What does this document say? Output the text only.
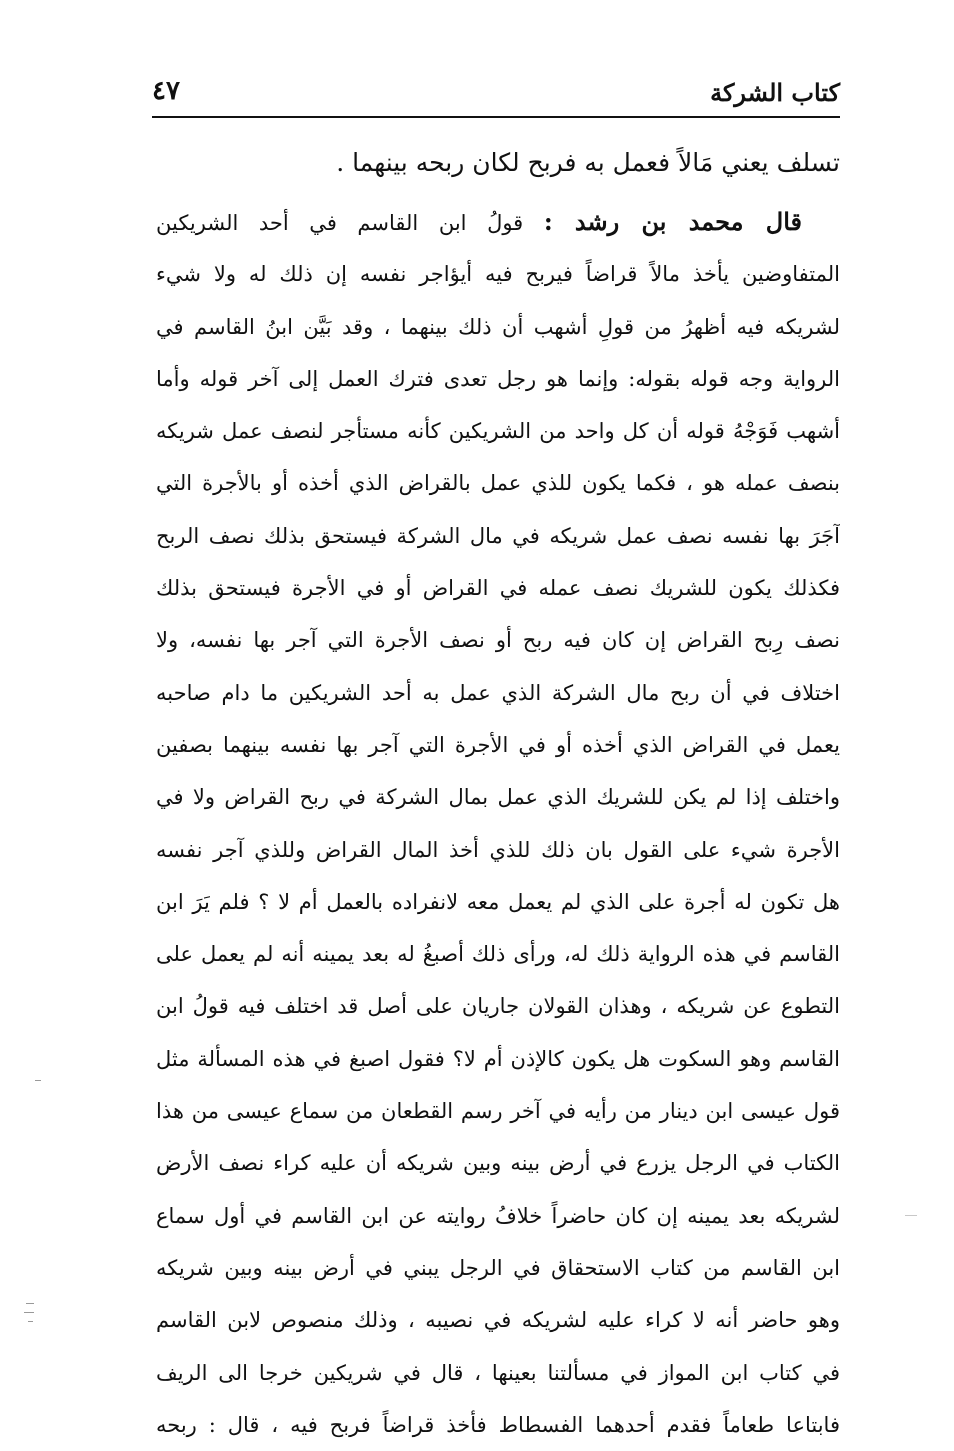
كتاب الشركة
٤٧
تسلف يعني مَالاً فعمل به فربح لكان ربحه بينهما .
قال محمد بن رشد : قولُ ابن القاسم في أحد الشريكين
المتفاوضين يأخذ مالاً قراضاً فيربح فيه أيؤاجر نفسه إن ذلك له ولا شيء
لشريكه فيه أظهرُ من قولِ أشهب أن ذلك بينهما ، وقد بَيَّن ابنُ القاسم في
الرواية وجه قوله بقوله: وإنما هو رجل تعدى فترك العمل إلى آخر قوله وأما
أشهب فَوَجْهُ قوله أن كل واحد من الشريكين كأنه مستأجر لنصف عمل شريكه
بنصف عمله هو ، فكما يكون للذي عمل بالقراض الذي أخذه أو بالأجرة التي
آجَرَ بها نفسه نصف عمل شريكه في مال الشركة فيستحق بذلك نصف الربح
فكذلك يكون للشريك نصف عمله في القراض أو في الأجرة فيستحق بذلك
نصف رِبح القراض إن كان فيه ربح أو نصف الأجرة التي آجر بها نفسه، ولا
اختلاف في أن ربح مال الشركة الذي عمل به أحد الشريكين ما دام صاحبه
يعمل في القراض الذي أخذه أو في الأجرة التي آجر بها نفسه بينهما بصفين
واختلف إذا لم يكن للشريك الذي عمل بمال الشركة في ربح القراض ولا في
الأجرة شيء على القول بان ذلك للذي أخذ المال القراض وللذي آجر نفسه
هل تكون له أجرة على الذي لم يعمل معه لانفراده بالعمل أم لا ؟ فلم يَرَ ابن
القاسم في هذه الرواية ذلك له، ورأى ذلك أصبغُ له بعد يمينه أنه لم يعمل على
التطوع عن شريكه ، وهذان القولان جاريان على أصل قد اختلف فيه قولُ ابن
القاسم وهو السكوت هل يكون كالإذن أم لا؟ فقول اصبغ في هذه المسألة مثل
قول عيسى ابن دينار من رأيه في آخر رسم القطعان من سماع عيسى من هذا
الكتاب في الرجل يزرع في أرض بينه وبين شريكه أن عليه كراء نصف الأرض
لشريكه بعد يمينه إن كان حاضراً خلافُ روايته عن ابن القاسم في أول سماع
ابن القاسم من كتاب الاستحقاق في الرجل يبني في أرض بينه وبين شريكه
وهو حاضر أنه لا كراء عليه لشريكه في نصيبه ، وذلك منصوص لابن القاسم
في كتاب ابن المواز في مسألتنا بعينها ، قال في شريكين خرجا الى الريف
فابتاعا طعاماً فقدم أحدهما الفسطاط فأخذ قراضاً فربح فيه ، قال : ربحه
